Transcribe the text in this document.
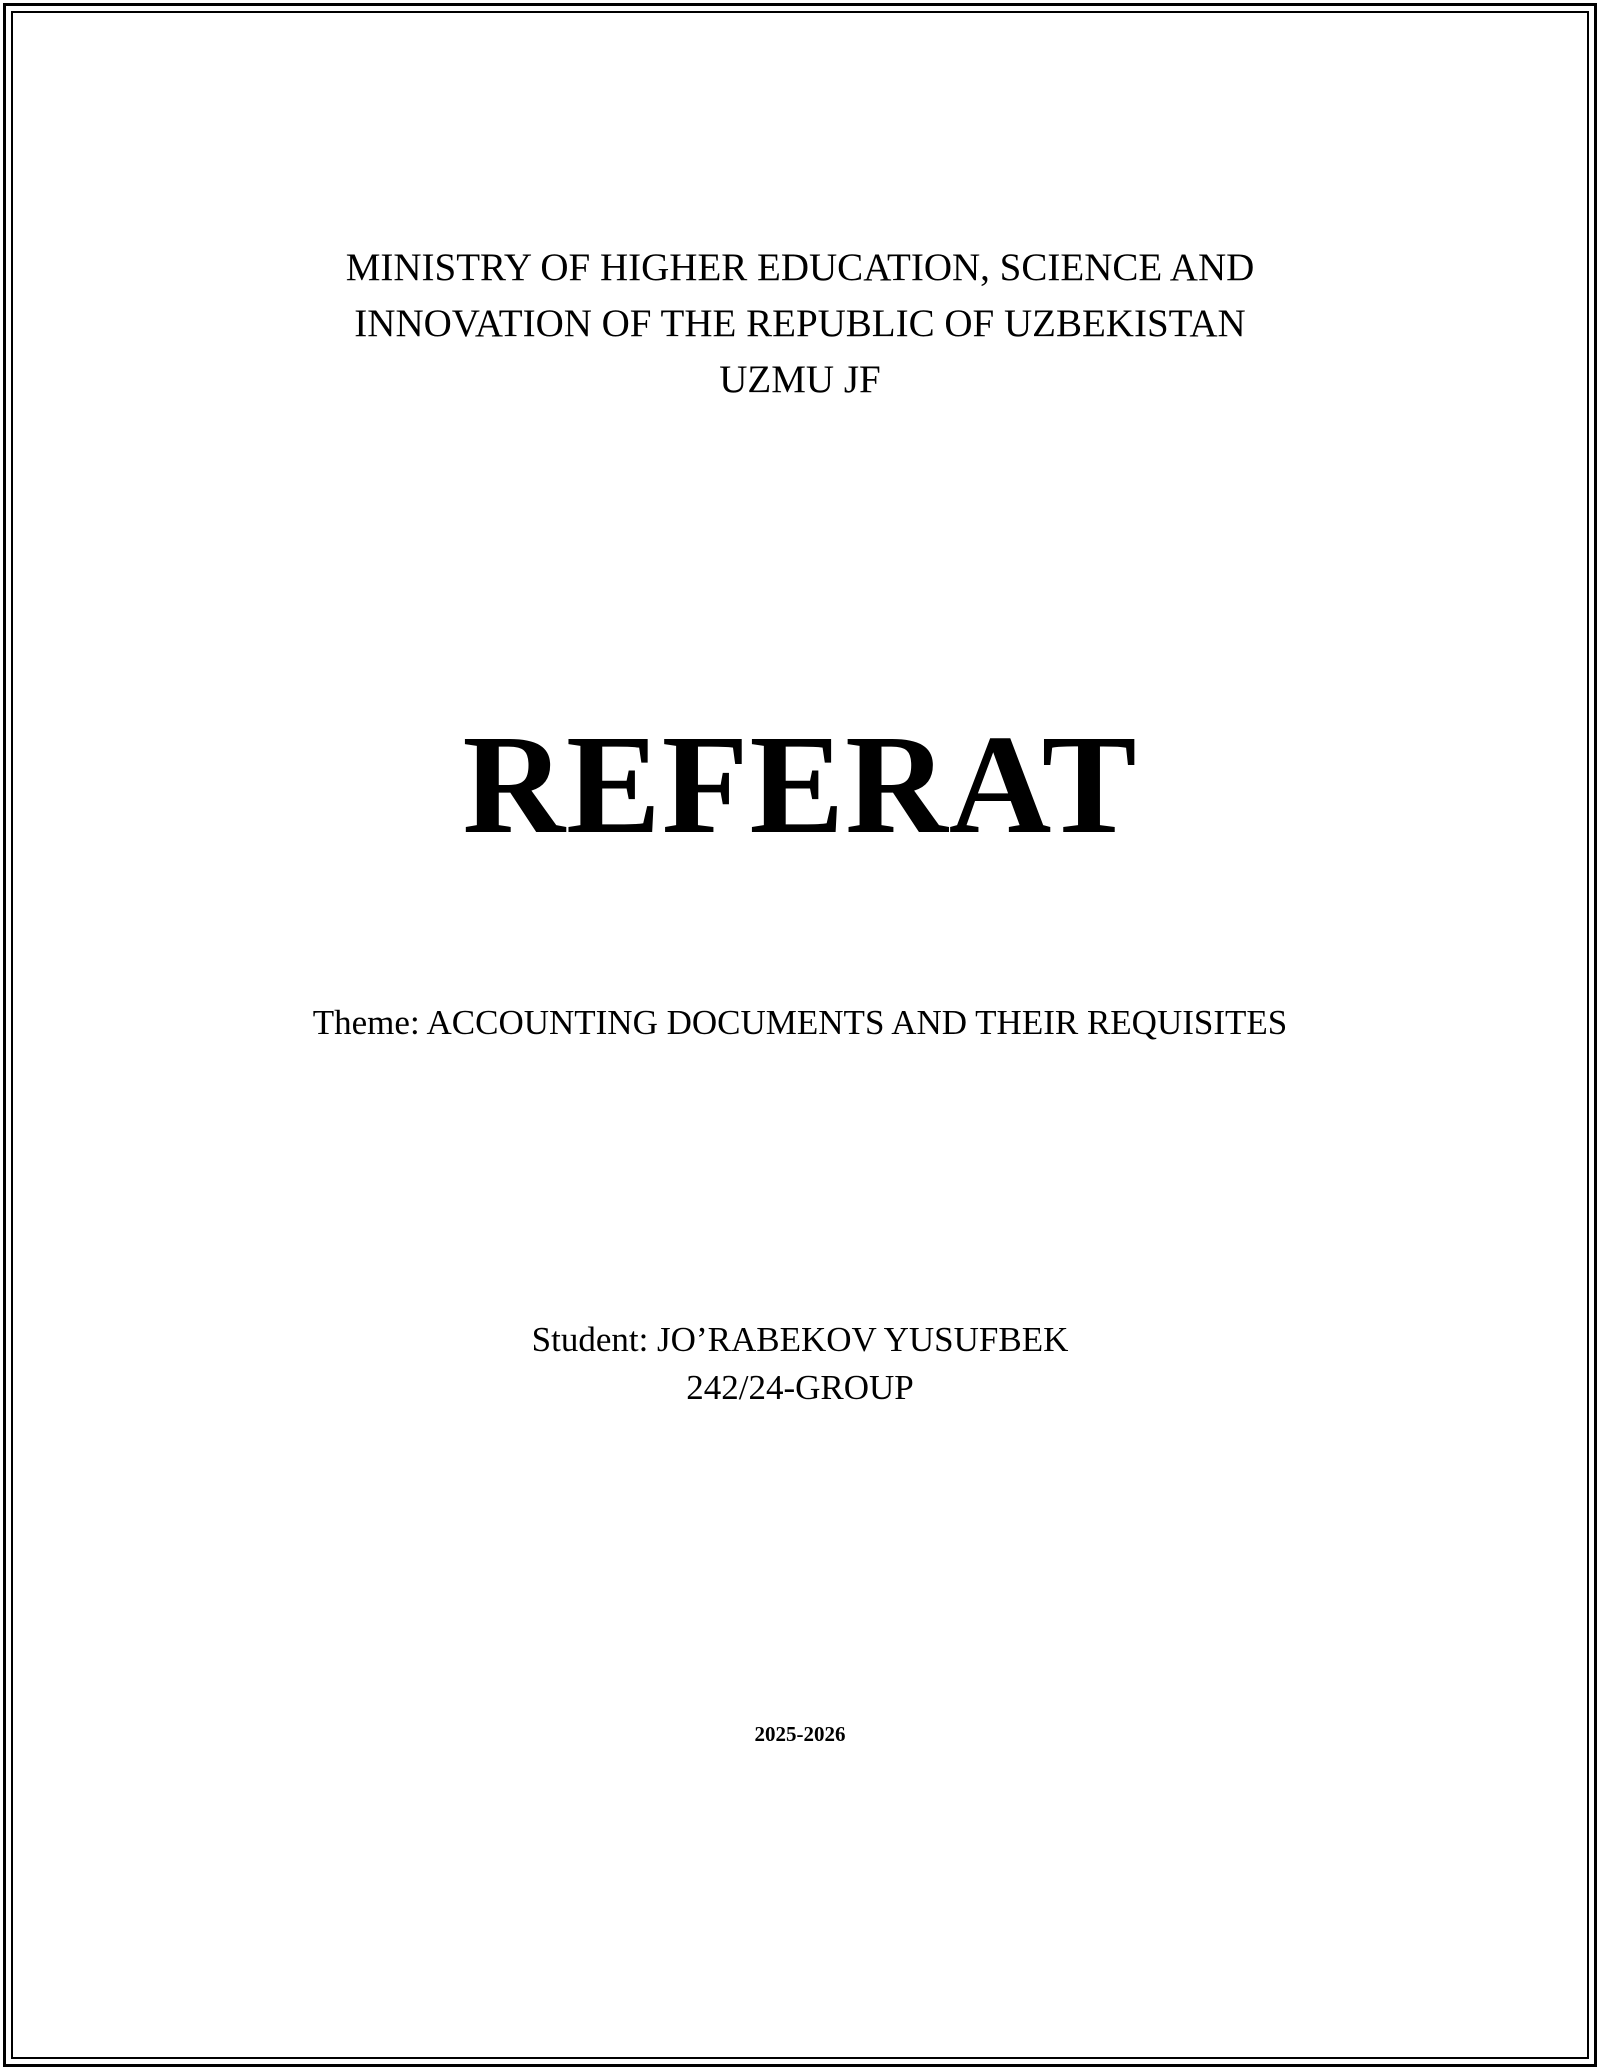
MINISTRY OF HIGHER EDUCATION, SCIENCE AND
INNOVATION OF THE REPUBLIC OF UZBEKISTAN
UZMU JF
REFERAT
Theme: ACCOUNTING DOCUMENTS AND THEIR REQUISITES
Student: JO’RABEKOV YUSUFBEK
242/24-GROUP
2025-2026
